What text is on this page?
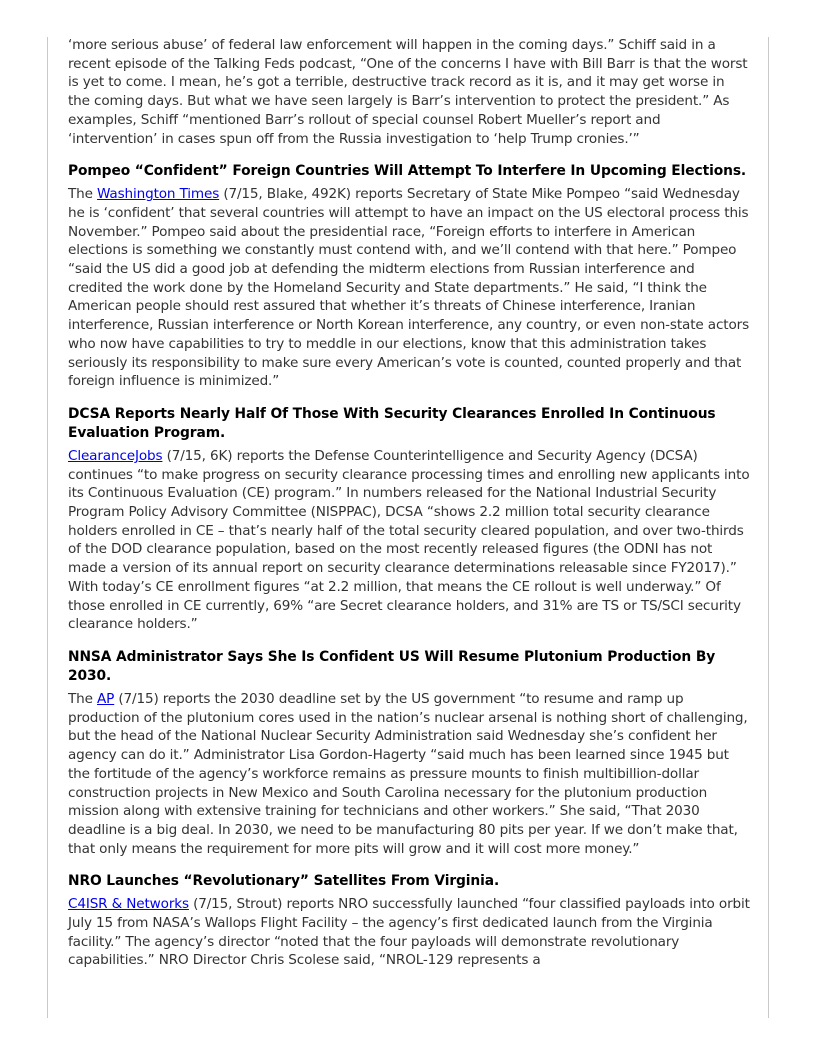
‘more serious abuse’ of federal law enforcement will happen in the coming days.” Schiff said in a recent episode of the Talking Feds podcast, “One of the concerns I have with Bill Barr is that the worst is yet to come. I mean, he’s got a terrible, destructive track record as it is, and it may get worse in the coming days. But what we have seen largely is Barr’s intervention to protect the president.” As examples, Schiff “mentioned Barr’s rollout of special counsel Robert Mueller’s report and ‘intervention’ in cases spun off from the Russia investigation to ‘help Trump cronies.’”

Pompeo “Confident” Foreign Countries Will Attempt To Interfere In Upcoming Elections.

The Washington Times (7/15, Blake, 492K) reports Secretary of State Mike Pompeo “said Wednesday he is ‘confident’ that several countries will attempt to have an impact on the US electoral process this November.” Pompeo said about the presidential race, “Foreign efforts to interfere in American elections is something we constantly must contend with, and we’ll contend with that here.” Pompeo “said the US did a good job at defending the midterm elections from Russian interference and credited the work done by the Homeland Security and State departments.” He said, “I think the American people should rest assured that whether it’s threats of Chinese interference, Iranian interference, Russian interference or North Korean interference, any country, or even non-state actors who now have capabilities to try to meddle in our elections, know that this administration takes seriously its responsibility to make sure every American’s vote is counted, counted properly and that foreign influence is minimized.”

DCSA Reports Nearly Half Of Those With Security Clearances Enrolled In Continuous Evaluation Program.

ClearanceJobs (7/15, 6K) reports the Defense Counterintelligence and Security Agency (DCSA) continues “to make progress on security clearance processing times and enrolling new applicants into its Continuous Evaluation (CE) program.” In numbers released for the National Industrial Security Program Policy Advisory Committee (NISPPAC), DCSA “shows 2.2 million total security clearance holders enrolled in CE – that’s nearly half of the total security cleared population, and over two-thirds of the DOD clearance population, based on the most recently released figures (the ODNI has not made a version of its annual report on security clearance determinations releasable since FY2017).” With today’s CE enrollment figures “at 2.2 million, that means the CE rollout is well underway.” Of those enrolled in CE currently, 69% “are Secret clearance holders, and 31% are TS or TS/SCI security clearance holders.”

NNSA Administrator Says She Is Confident US Will Resume Plutonium Production By 2030.

The AP (7/15) reports the 2030 deadline set by the US government “to resume and ramp up production of the plutonium cores used in the nation’s nuclear arsenal is nothing short of challenging, but the head of the National Nuclear Security Administration said Wednesday she’s confident her agency can do it.” Administrator Lisa Gordon-Hagerty “said much has been learned since 1945 but the fortitude of the agency’s workforce remains as pressure mounts to finish multibillion-dollar construction projects in New Mexico and South Carolina necessary for the plutonium production mission along with extensive training for technicians and other workers.” She said, “That 2030 deadline is a big deal. In 2030, we need to be manufacturing 80 pits per year. If we don’t make that, that only means the requirement for more pits will grow and it will cost more money.”

NRO Launches “Revolutionary” Satellites From Virginia.

C4ISR & Networks (7/15, Strout) reports NRO successfully launched “four classified payloads into orbit July 15 from NASA’s Wallops Flight Facility – the agency’s first dedicated launch from the Virginia facility.” The agency’s director “noted that the four payloads will demonstrate revolutionary capabilities.” NRO Director Chris Scolese said, “NROL-129 represents a
